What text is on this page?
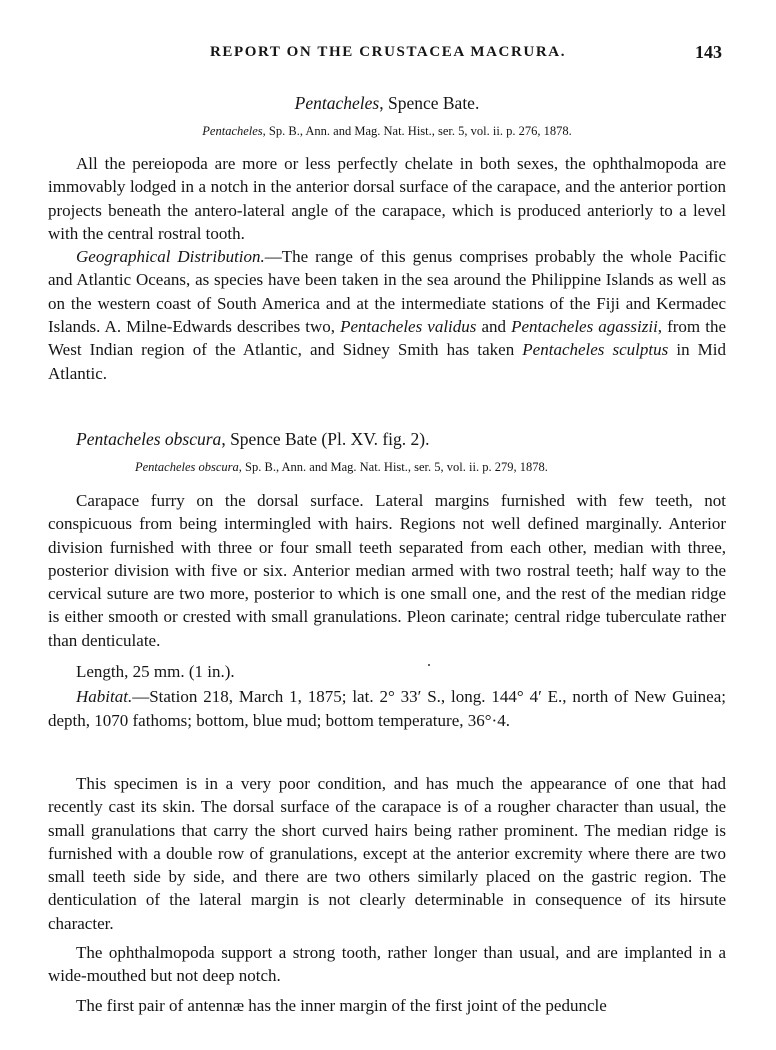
REPORT ON THE CRUSTACEA MACRURA.	143
Pentacheles, Spence Bate.
Pentacheles, Sp. B., Ann. and Mag. Nat. Hist., ser. 5, vol. ii. p. 276, 1878.

All the pereiopoda are more or less perfectly chelate in both sexes, the ophthalmopoda are immovably lodged in a notch in the anterior dorsal surface of the carapace, and the anterior portion projects beneath the antero-lateral angle of the carapace, which is produced anteriorly to a level with the central rostral tooth.

Geographical Distribution.—The range of this genus comprises probably the whole Pacific and Atlantic Oceans, as species have been taken in the sea around the Philippine Islands as well as on the western coast of South America and at the intermediate stations of the Fiji and Kermadec Islands. A. Milne-Edwards describes two, Pentacheles validus and Pentacheles agassizii, from the West Indian region of the Atlantic, and Sidney Smith has taken Pentacheles sculptus in Mid Atlantic.

Pentacheles obscura, Spence Bate (Pl. XV. fig. 2).
Pentacheles obscura, Sp. B., Ann. and Mag. Nat. Hist., ser. 5, vol. ii. p. 279, 1878.

Carapace furry on the dorsal surface. Lateral margins furnished with few teeth, not conspicuous from being intermingled with hairs. Regions not well defined marginally. Anterior division furnished with three or four small teeth separated from each other, median with three, posterior division with five or six. Anterior median armed with two rostral teeth; half way to the cervical suture are two more, posterior to which is one small one, and the rest of the median ridge is either smooth or crested with small granulations. Pleon carinate; central ridge tuberculate rather than denticulate.

Length, 25 mm. (1 in.).

Habitat.—Station 218, March 1, 1875; lat. 2° 33′ S., long. 144° 4′ E., north of New Guinea; depth, 1070 fathoms; bottom, blue mud; bottom temperature, 36°·4.

This specimen is in a very poor condition, and has much the appearance of one that had recently cast its skin. The dorsal surface of the carapace is of a rougher character than usual, the small granulations that carry the short curved hairs being rather prominent. The median ridge is furnished with a double row of granulations, except at the anterior excremity where there are two small teeth side by side, and there are two others similarly placed on the gastric region. The denticulation of the lateral margin is not clearly determinable in consequence of its hirsute character.

The ophthalmopoda support a strong tooth, rather longer than usual, and are implanted in a wide-mouthed but not deep notch.

The first pair of antennæ has the inner margin of the first joint of the peduncle
